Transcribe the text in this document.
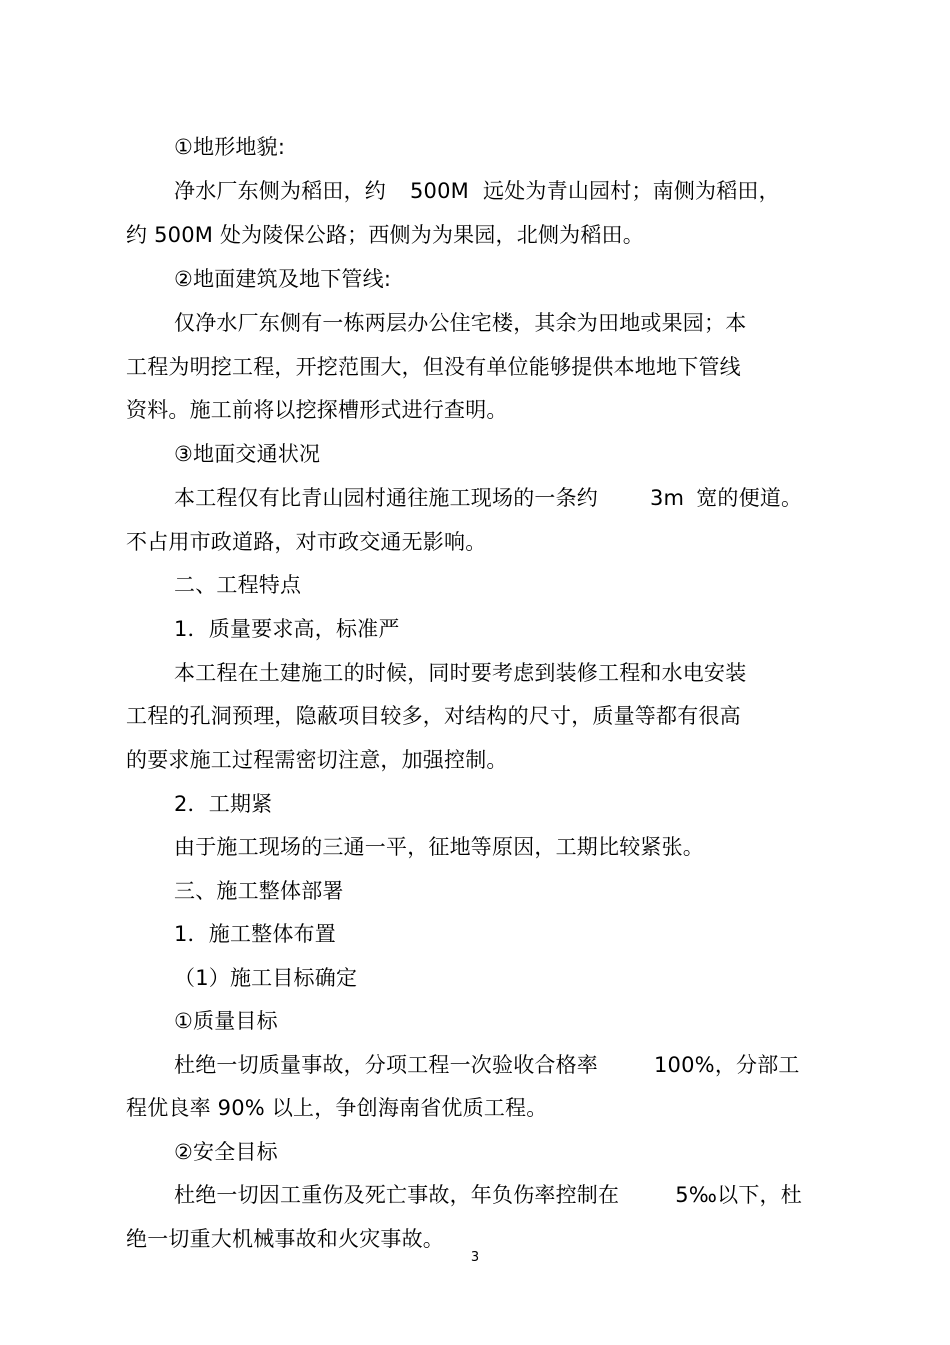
①地形地貌:
净水厂东侧为稻田，约 500M 远处为青山园村；南侧为稻田，
约 500M 处为陵保公路；西侧为为果园，北侧为稻田。
②地面建筑及地下管线:
仅净水厂东侧有一栋两层办公住宅楼，其余为田地或果园；本
工程为明挖工程，开挖范围大，但没有单位能够提供本地地下管线
资料。施工前将以挖探槽形式进行查明。
③地面交通状况
本工程仅有比青山园村通往施工现场的一条约 3m 宽的便道。
不占用市政道路，对市政交通无影响。
二、工程特点
1．质量要求高，标准严
本工程在土建施工的时候，同时要考虑到装修工程和水电安装
工程的孔洞预理，隐蔽项目较多，对结构的尺寸，质量等都有很高
的要求施工过程需密切注意，加强控制。
2．工期紧
由于施工现场的三通一平，征地等原因，工期比较紧张。
三、施工整体部署
1．施工整体布置
（1）施工目标确定
①质量目标
杜绝一切质量事故，分项工程一次验收合格率	100%，分部工
程优良率 90% 以上，争创海南省优质工程。
②安全目标
杜绝一切因工重伤及死亡事故，年负伤率控制在	5‰以下，杜
绝一切重大机械事故和火灾事故。
3
